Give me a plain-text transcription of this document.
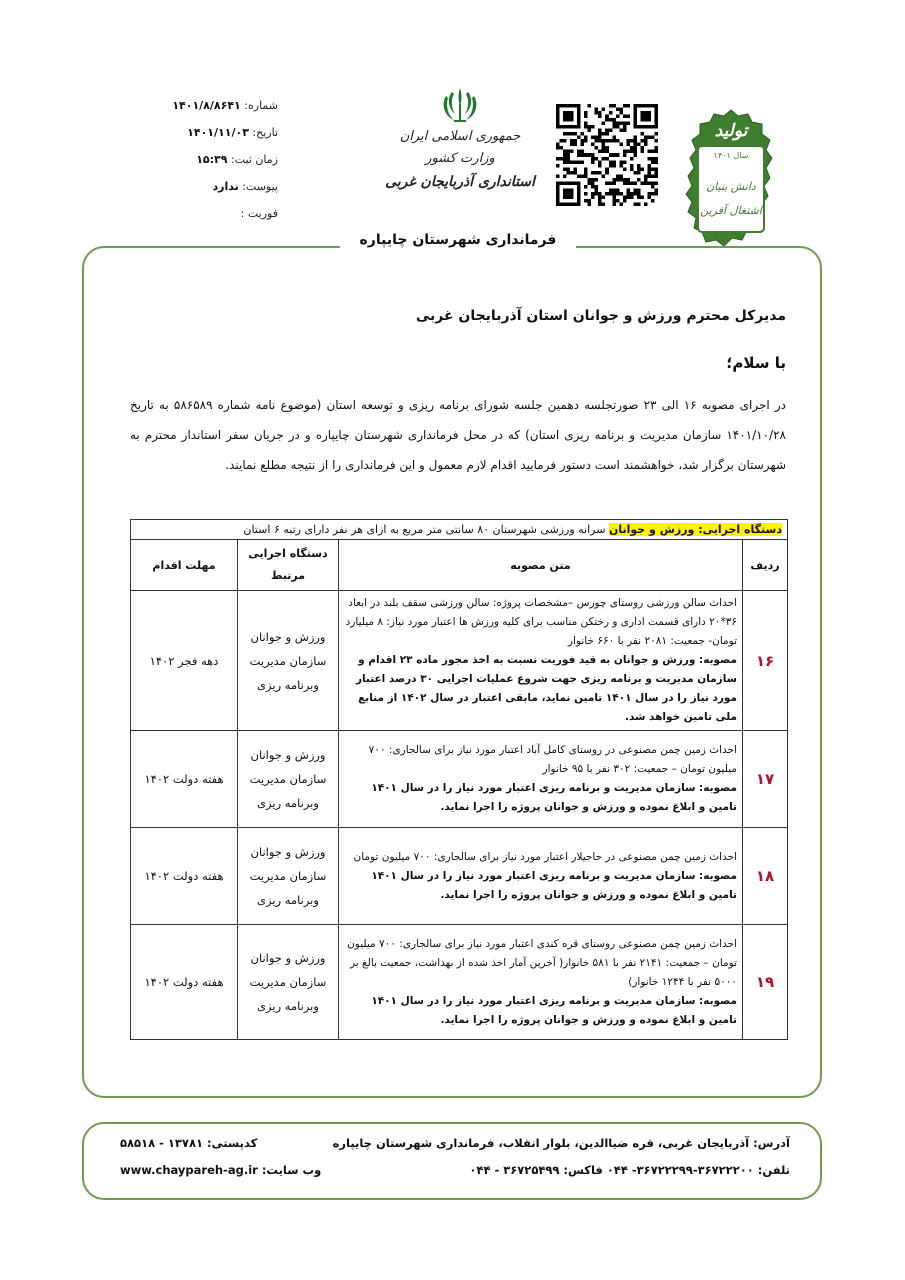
شماره: ۱۴۰۱/۸/۸۶۴۱
تاریخ: ۱۴۰۱/۱۱/۰۳
زمان ثبت: ۱۵:۳۹
پیوست: ندارد
فوریت :
جمهوری اسلامی ایران
وزارت کشور
استانداری آذربایجان غربی
تولید
سال ۱۴۰۱
دانش بنیان
اشتغال آفرین
فرمانداری شهرستان چایپاره
مدیرکل محترم ورزش و جوانان استان آذربایجان غربی
با سلام؛
در اجرای مصوبه ۱۶ الی ۲۳ صورتجلسه دهمین جلسه شورای برنامه ریزی و توسعه استان (موضوع نامه شماره ۵۸۶۵۸۹ به تاریخ ۱۴۰۱/۱۰/۲۸ سازمان مدیریت و برنامه ریزی استان) که در محل فرمانداری شهرستان چایپاره و در جریان سفر استاندار محترم به شهرستان برگزار شد، خواهشمند است دستور فرمایید اقدام لازم معمول و این فرمانداری را از نتیجه مطلع نمایند.
دستگاه اجرایی: ورزش و جوانان سرانه ورزشی شهرستان ۸۰ سانتی متر مربع به ازای هر نفر دارای رتبه ۶ استان			
ردیف	متن مصوبه	دستگاه اجرایی مرتبط	مهلت اقدام
۱۶	احداث سالن ورزشی روستای چورس –مشخصات پروژه: سالن ورزشی سقف بلند در ابعاد ۳۶*۲۰ دارای قسمت اداری و رختکن مناسب برای کلیه ورزش ها اعتبار مورد نیاز: ۸ میلیارد تومان- جمعیت: ۲۰۸۱ نفر با ۶۶۰ خانوار
مصوبه: ورزش و جوانان به قید فوریت نسبت به اخذ مجوز ماده ۲۳ اقدام و سازمان مدیریت و برنامه ریزی جهت شروع عملیات اجرایی ۳۰ درصد اعتبار مورد نیاز را در سال ۱۴۰۱ تامین نماید، مابقی اعتبار در سال ۱۴۰۲ از منابع ملی تامین خواهد شد.	ورزش و جوانان سازمان مدیریت وبرنامه ریزی	دهه فجر ۱۴۰۲
۱۷	احداث زمین چمن مصنوعی در روستای کامل آباد اعتبار مورد نیاز برای سالجاری: ۷۰۰ میلیون تومان – جمعیت: ۳۰۲ نفر با ۹۵ خانوار
مصوبه: سازمان مدیریت و برنامه ریزی اعتبار مورد نیاز را در سال ۱۴۰۱ تامین و ابلاغ نموده و ورزش و جوانان پروژه را اجرا نماید.	ورزش و جوانان سازمان مدیریت وبرنامه ریزی	هفته دولت ۱۴۰۲
۱۸	احداث زمین چمن مصنوعی در حاجیلار اعتبار مورد نیاز برای سالجاری: ۷۰۰ میلیون تومان
مصوبه: سازمان مدیریت و برنامه ریزی اعتبار مورد نیاز را در سال ۱۴۰۱ تامین و ابلاغ نموده و ورزش و جوانان پروژه را اجرا نماید.	ورزش و جوانان سازمان مدیریت وبرنامه ریزی	هفته دولت ۱۴۰۲
۱۹	احداث زمین چمن مصنوعی روستای قره کندی اعتبار مورد نیاز برای سالجاری: ۷۰۰ میلیون تومان – جمعیت: ۲۱۴۱ نفر با ۵۸۱ خانوار( آخرین آمار اخذ شده از بهداشت، جمعیت بالغ بر ۵۰۰۰ نفر با ۱۲۴۴ خانوار)
مصوبه: سازمان مدیریت و برنامه ریزی اعتبار مورد نیاز را در سال ۱۴۰۱ تامین و ابلاغ نموده و ورزش و جوانان پروژه را اجرا نماید.	ورزش و جوانان سازمان مدیریت وبرنامه ریزی	هفته دولت ۱۴۰۲
آدرس: آذربایجان غربی، قره ضیاالدین، بلوار انقلاب، فرمانداری شهرستان چایپاره
کدپستی: ۱۳۷۸۱ - ۵۸۵۱۸
تلفن: ۳۶۷۲۲۲۰۰-۳۶۷۲۲۲۹۹- ۰۴۴ فاکس: ۳۶۷۲۵۴۹۹ - ۰۴۴
وب سایت: www.chaypareh-ag.ir
